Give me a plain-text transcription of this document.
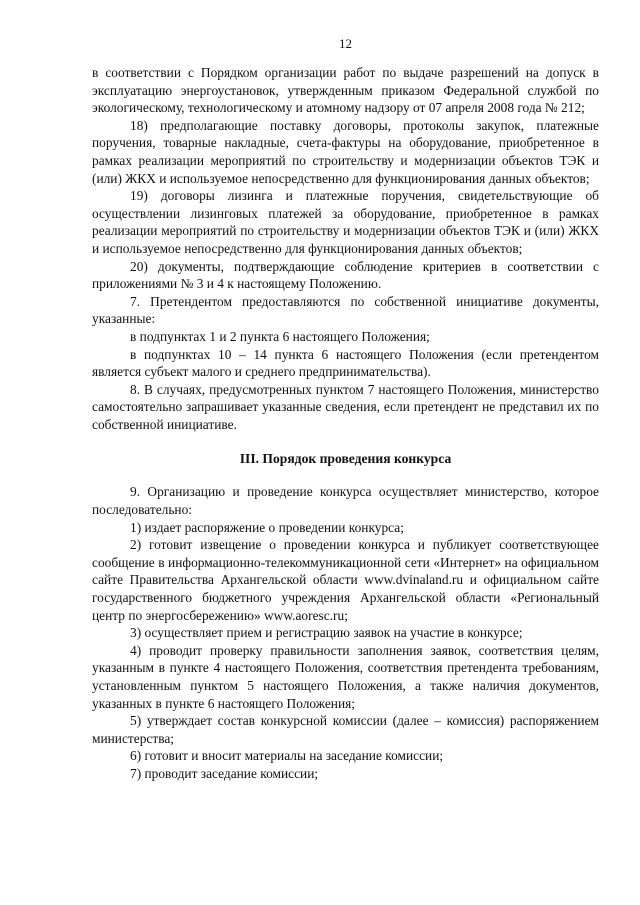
12

в соответствии с Порядком организации работ по выдаче разрешений на допуск в эксплуатацию энергоустановок, утвержденным приказом Федеральной службой по экологическому, технологическому и атомному надзору от 07 апреля 2008 года № 212;

18) предполагающие поставку договоры, протоколы закупок, платежные поручения, товарные накладные, счета-фактуры на оборудование, приобретенное в рамках реализации мероприятий по строительству и модернизации объектов ТЭК и (или) ЖКХ и используемое непосредственно для функционирования данных объектов;

19) договоры лизинга и платежные поручения, свидетельствующие об осуществлении лизинговых платежей за оборудование, приобретенное в рамках реализации мероприятий по строительству и модернизации объектов ТЭК и (или) ЖКХ и используемое непосредственно для функционирования данных объектов;

20) документы, подтверждающие соблюдение критериев в соответствии с приложениями № 3 и 4 к настоящему Положению.

7. Претендентом предоставляются по собственной инициативе документы, указанные:

в подпунктах 1 и 2 пункта 6 настоящего Положения;

в подпунктах 10 – 14 пункта 6 настоящего Положения (если претендентом является субъект малого и среднего предпринимательства).

8. В случаях, предусмотренных пунктом 7 настоящего Положения, министерство самостоятельно запрашивает указанные сведения, если претендент не представил их по собственной инициативе.

III. Порядок проведения конкурса

9. Организацию и проведение конкурса осуществляет министерство, которое последовательно:

1) издает распоряжение о проведении конкурса;

2) готовит извещение о проведении конкурса и публикует соответствующее сообщение в информационно-телекоммуникационной сети «Интернет» на официальном сайте Правительства Архангельской области www.dvinaland.ru и официальном сайте государственного бюджетного учреждения Архангельской области «Региональный центр по энергосбережению» www.aoresc.ru;

3) осуществляет прием и регистрацию заявок на участие в конкурсе;

4) проводит проверку правильности заполнения заявок, соответствия целям, указанным в пункте 4 настоящего Положения, соответствия претендента требованиям, установленным пунктом 5 настоящего Положения, а также наличия документов, указанных в пункте 6 настоящего Положения;

5) утверждает состав конкурсной комиссии (далее – комиссия) распоряжением министерства;

6) готовит и вносит материалы на заседание комиссии;

7) проводит заседание комиссии;
